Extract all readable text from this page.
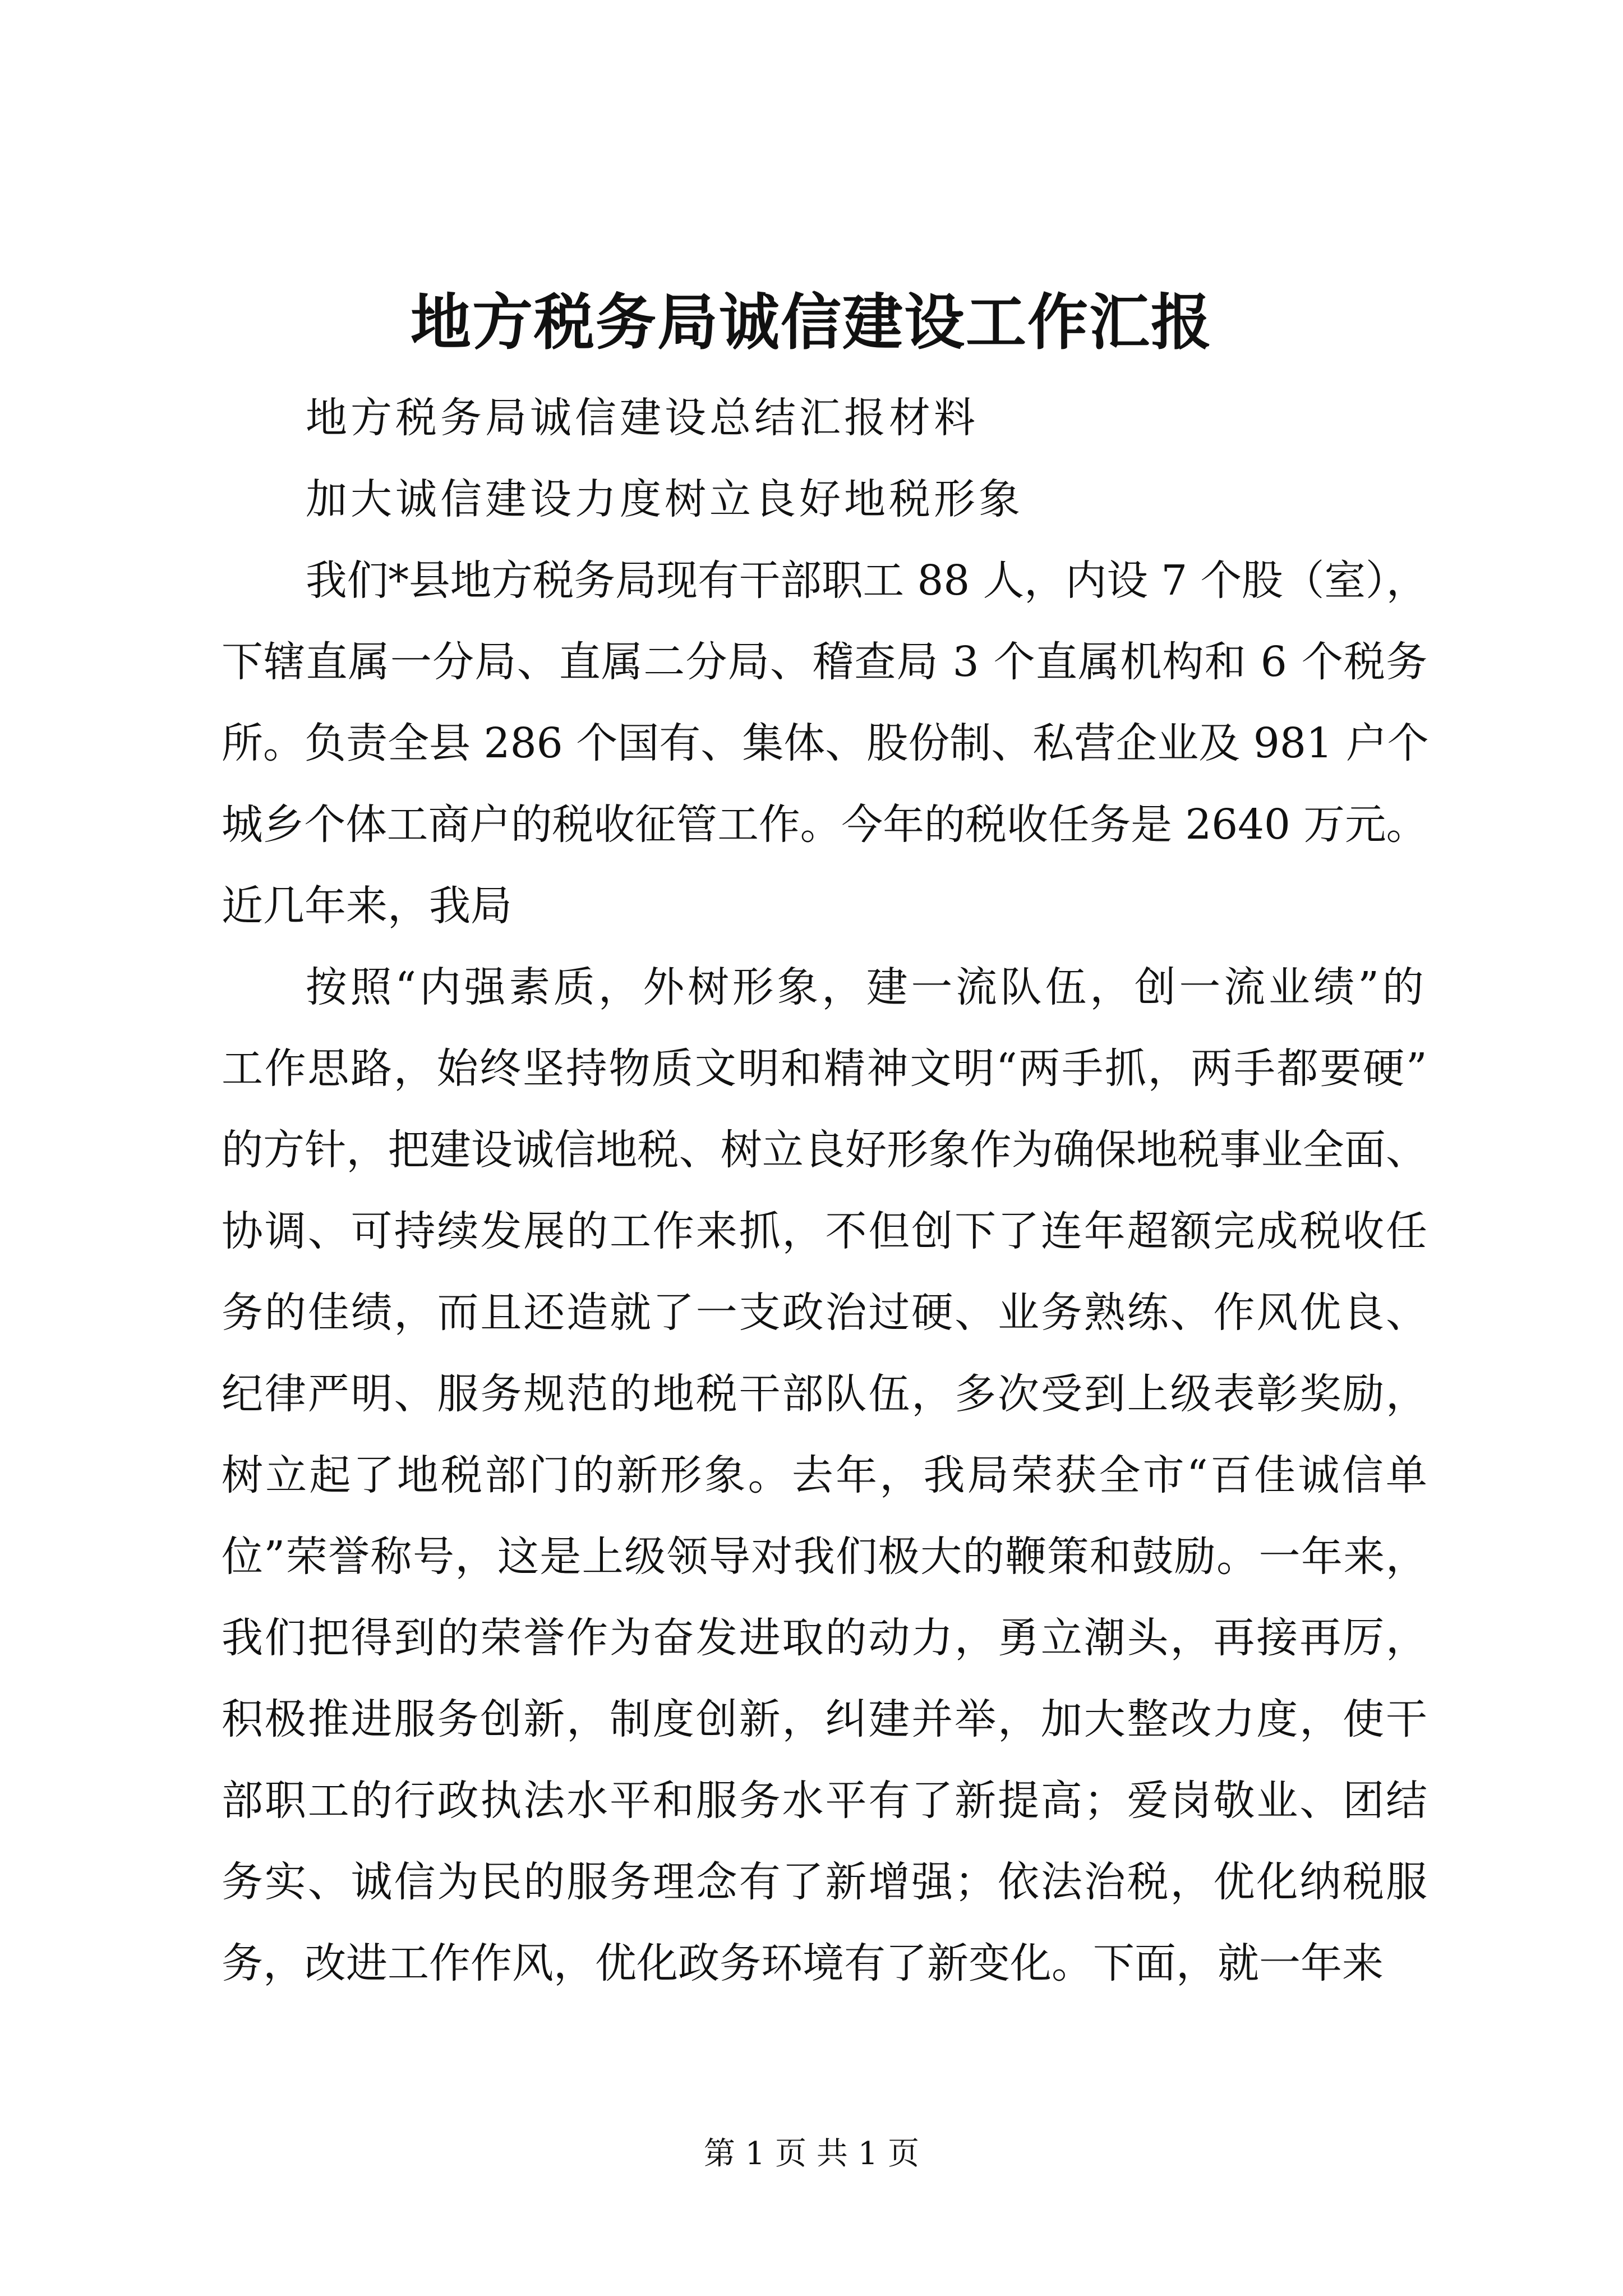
地方税务局诚信建设工作汇报
地方税务局诚信建设总结汇报材料
加大诚信建设力度树立良好地税形象
我们*县地方税务局现有干部职工 88 人，内设 7 个股（室），
下辖直属一分局、直属二分局、稽查局 3 个直属机构和 6 个税务
所。负责全县 286 个国有、集体、股份制、私营企业及 981 户个
城乡个体工商户的税收征管工作。今年的税收任务是 2640 万元。
近几年来，我局
按照“内强素质，外树形象，建一流队伍，创一流业绩”的
工作思路，始终坚持物质文明和精神文明“两手抓，两手都要硬”
的方针，把建设诚信地税、树立良好形象作为确保地税事业全面、
协调、可持续发展的工作来抓，不但创下了连年超额完成税收任
务的佳绩，而且还造就了一支政治过硬、业务熟练、作风优良、
纪律严明、服务规范的地税干部队伍，多次受到上级表彰奖励，
树立起了地税部门的新形象。去年，我局荣获全市“百佳诚信单
位”荣誉称号，这是上级领导对我们极大的鞭策和鼓励。一年来，
我们把得到的荣誉作为奋发进取的动力，勇立潮头，再接再厉，
积极推进服务创新，制度创新，纠建并举，加大整改力度，使干
部职工的行政执法水平和服务水平有了新提高；爱岗敬业、团结
务实、诚信为民的服务理念有了新增强；依法治税，优化纳税服
务，改进工作作风，优化政务环境有了新变化。下面，就一年来
第 1 页 共 1 页
